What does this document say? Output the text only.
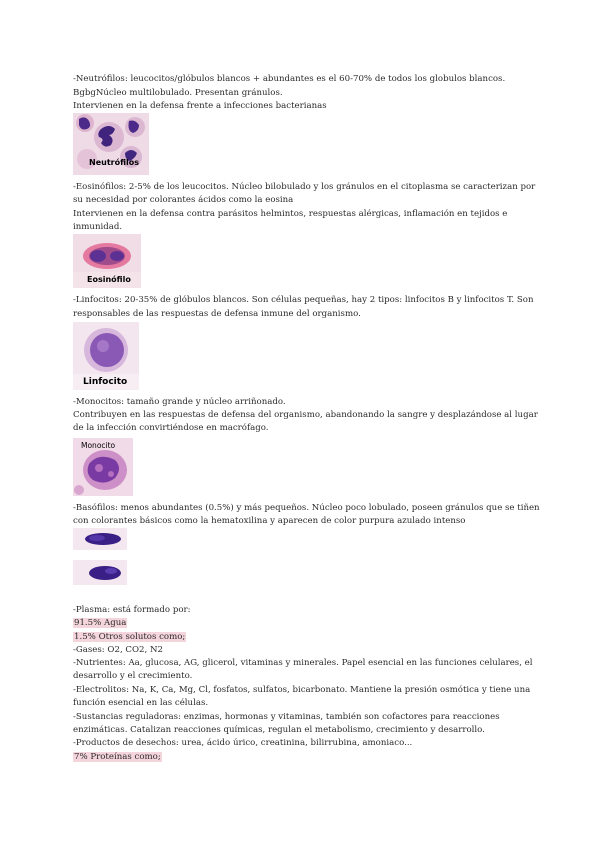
-Neutrófilos: leucocitos/glóbulos blancos + abundantes es el 60-70% de todos los globulos blancos.
BgbgNúcleo multilobulado. Presentan gránulos.
Intervienen en la defensa frente a infecciones bacterianas
Neutrófilos
-Eosinófilos: 2-5% de los leucocitos. Núcleo bilobulado y los gránulos en el citoplasma se caracterizan por
su necesidad por colorantes ácidos como la eosina
Intervienen en la defensa contra parásitos helmintos, respuestas alérgicas, inflamación en tejidos e
inmunidad.
Eosinófilo
-Linfocitos: 20-35% de glóbulos blancos. Son células pequeñas, hay 2 tipos: linfocitos B y linfocitos T. Son
responsables de las respuestas de defensa inmune del organismo.
Linfocito
-Monocitos: tamaño grande y núcleo arriñonado.
Contribuyen en las respuestas de defensa del organismo, abandonando la sangre y desplazándose al lugar
de la infección convirtiéndose en macrófago.
Monocito
-Basófilos: menos abundantes (0.5%) y más pequeños. Núcleo poco lobulado, poseen gránulos que se tiñen
con colorantes básicos como la hematoxilina y aparecen de color purpura azulado intenso
-Plasma: está formado por:
91.5% Agua
1.5% Otros solutos como;
-Gases: O2, CO2, N2
-Nutrientes: Aa, glucosa, AG, glicerol, vitaminas y minerales. Papel esencial en las funciones celulares, el
desarrollo y el crecimiento.
-Electrolitos: Na, K, Ca, Mg, Cl, fosfatos, sulfatos, bicarbonato. Mantiene la presión osmótica y tiene una
función esencial en las células.
-Sustancias reguladoras: enzimas, hormonas y vitaminas, también son cofactores para reacciones
enzimáticas. Catalizan reacciones químicas, regulan el metabolismo, crecimiento y desarrollo.
-Productos de desechos: urea, ácido úrico, creatinina, bilirrubina, amoniaco...
7% Proteínas como;
